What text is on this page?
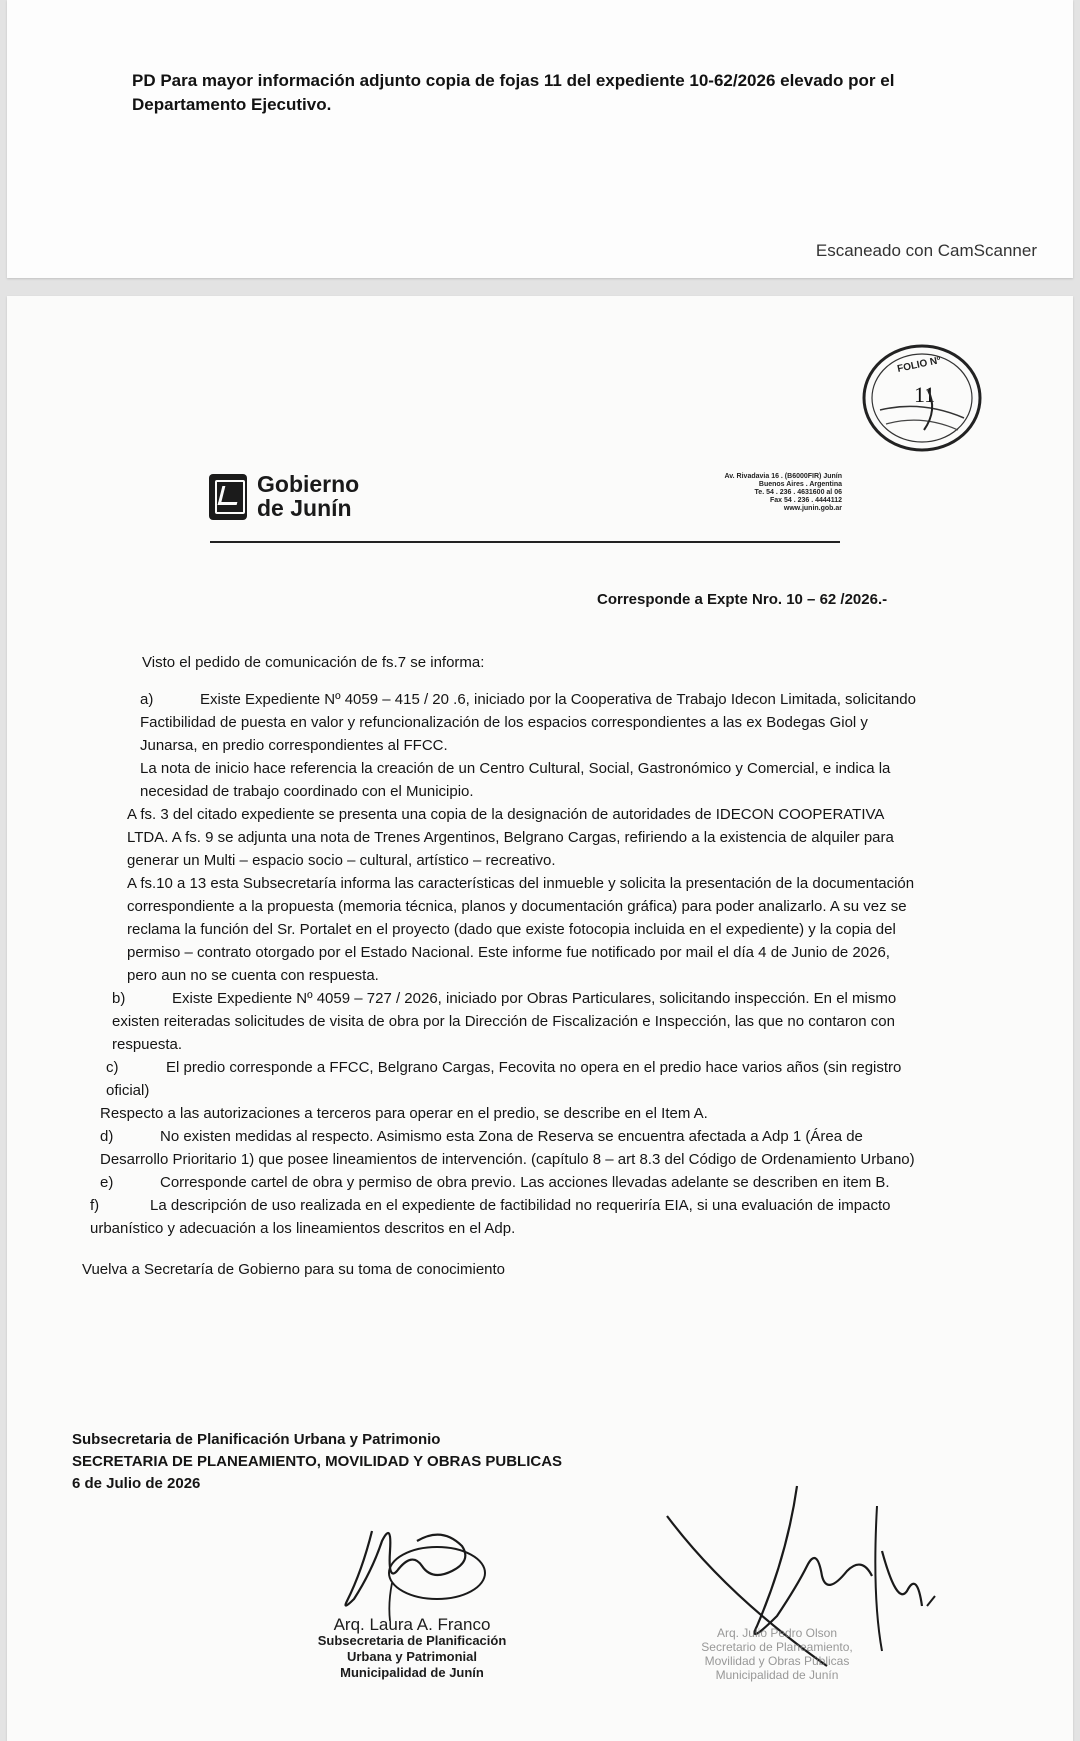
PD Para mayor información adjunto copia de fojas 11 del expediente 10-62/2026 elevado por el
Departamento Ejecutivo.

Escaneado con CamScanner
FOLIO Nº
11

Gobierno
de Junín

Av. Rivadavia 16 . (B6000FIR) Junín
Buenos Aires . Argentina
Te. 54 . 236 . 4631600 al 06
Fax 54 . 236 . 4444112
www.junin.gob.ar
Corresponde a Expte Nro. 10 – 62 /2026.-

Visto el pedido de comunicación de fs.7 se informa:

a)	Existe Expediente Nº 4059 – 415 / 20 .6, iniciado por la Cooperativa de Trabajo Idecon Limitada, solicitando Factibilidad de puesta en valor y refuncionalización de los espacios correspondientes a las ex Bodegas Giol y Junarsa, en predio correspondientes al FFCC.

La nota de inicio hace referencia la creación de un Centro Cultural, Social, Gastronómico y Comercial, e indica la necesidad de trabajo coordinado con el Municipio.

A fs. 3 del citado expediente se presenta una copia de la designación de autoridades de IDECON COOPERATIVA LTDA. A fs. 9 se adjunta una nota de Trenes Argentinos, Belgrano Cargas, refiriendo a la existencia de alquiler para generar un Multi – espacio socio – cultural, artístico – recreativo.

A fs.10 a 13 esta Subsecretaría informa las características del inmueble y solicita la presentación de la documentación correspondiente a la propuesta (memoria técnica, planos y documentación gráfica) para poder analizarlo. A su vez se reclama la función del Sr. Portalet en el proyecto (dado que existe fotocopia incluida en el expediente) y la copia del permiso – contrato otorgado por el Estado Nacional. Este informe fue notificado por mail el día 4 de Junio de 2026, pero aun no se cuenta con respuesta.

b)	Existe Expediente Nº 4059 – 727 / 2026, iniciado por Obras Particulares, solicitando inspección. En el mismo existen reiteradas solicitudes de visita de obra por la Dirección de Fiscalización e Inspección, las que no contaron con respuesta.

c)	El predio corresponde a FFCC, Belgrano Cargas, Fecovita no opera en el predio hace varios años (sin registro oficial)

Respecto a las autorizaciones a terceros para operar en el predio, se describe en el Item A.

d)	No existen medidas al respecto. Asimismo esta Zona de Reserva se encuentra afectada a Adp 1 (Área de Desarrollo Prioritario 1) que posee lineamientos de intervención. (capítulo 8 – art 8.3 del Código de Ordenamiento Urbano)

e)	Corresponde cartel de obra y permiso de obra previo. Las acciones llevadas adelante se describen en item B.

f)	La descripción de uso realizada en el expediente de factibilidad no requeriría EIA, si una evaluación de impacto urbanístico y adecuación a los lineamientos descritos en el Adp.

Vuelva a Secretaría de Gobierno para su toma de conocimiento

Subsecretaria de Planificación Urbana y Patrimonio
SECRETARIA DE PLANEAMIENTO, MOVILIDAD Y OBRAS PUBLICAS
6 de Julio de 2026
Arq. Laura A. Franco
Subsecretaria de Planificación
Urbana y Patrimonial
Municipalidad de Junín
Arq. Julio Pedro Olson
Secretario de Planeamiento,
Movilidad y Obras Públicas
Municipalidad de Junín
